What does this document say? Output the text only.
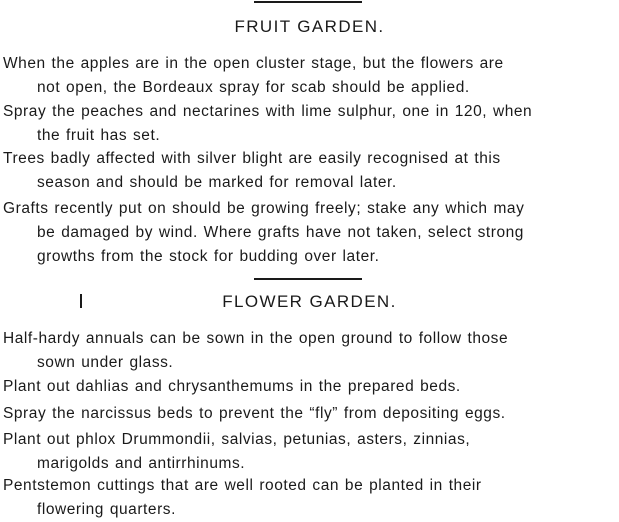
FRUIT GARDEN.
When the apples are in the open cluster stage, but the flowers are
not open, the Bordeaux spray for scab should be applied.
Spray the peaches and nectarines with lime sulphur, one in 120, when
the fruit has set.
Trees badly affected with silver blight are easily recognised at this
season and should be marked for removal later.
Grafts recently put on should be growing freely; stake any which may
be damaged by wind. Where grafts have not taken, select strong
growths from the stock for budding over later.
FLOWER GARDEN.
Half-hardy annuals can be sown in the open ground to follow those
sown under glass.
Plant out dahlias and chrysanthemums in the prepared beds.
Spray the narcissus beds to prevent the “fly” from depositing eggs.
Plant out phlox Drummondii, salvias, petunias, asters, zinnias,
marigolds and antirrhinums.
Pentstemon cuttings that are well rooted can be planted in their
flowering quarters.
